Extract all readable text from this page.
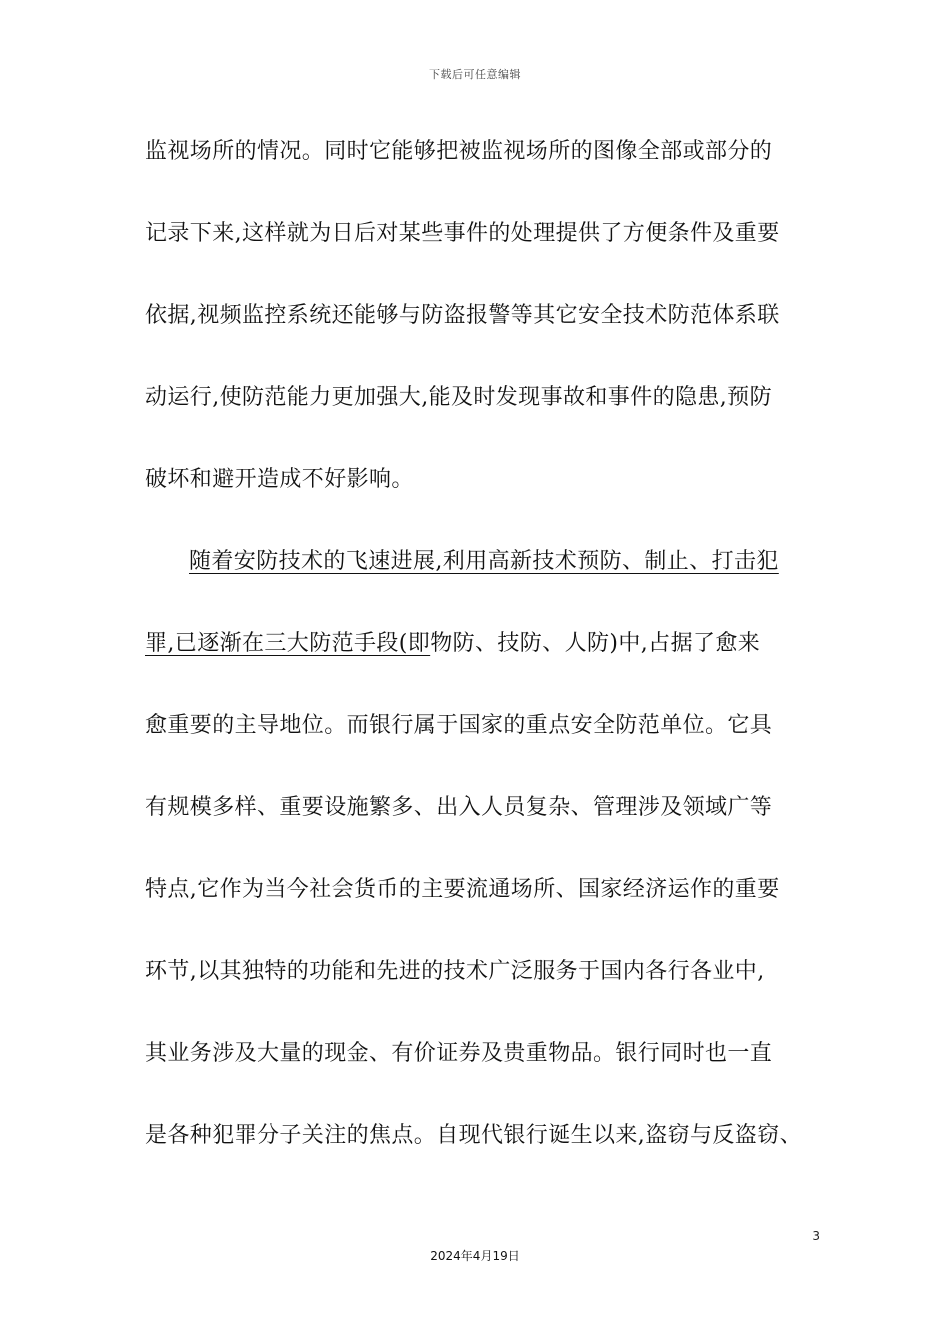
下载后可任意编辑
监视场所的情况。同时它能够把被监视场所的图像全部或部分的
记录下来,这样就为日后对某些事件的处理提供了方便条件及重要
依据,视频监控系统还能够与防盗报警等其它安全技术防范体系联
动运行,使防范能力更加强大,能及时发现事故和事件的隐患,预防
破坏和避开造成不好影响。
随着安防技术的飞速进展,利用高新技术预防、制止、打击犯
罪,已逐渐在三大防范手段(即物防、技防、人防)中,占据了愈来
愈重要的主导地位。而银行属于国家的重点安全防范单位。它具
有规模多样、重要设施繁多、出入人员复杂、管理涉及领域广等
特点,它作为当今社会货币的主要流通场所、国家经济运作的重要
环节,以其独特的功能和先进的技术广泛服务于国内各行各业中,
其业务涉及大量的现金、有价证券及贵重物品。银行同时也一直
是各种犯罪分子关注的焦点。自现代银行诞生以来,盗窃与反盗窃、
3
2024年4月19日
